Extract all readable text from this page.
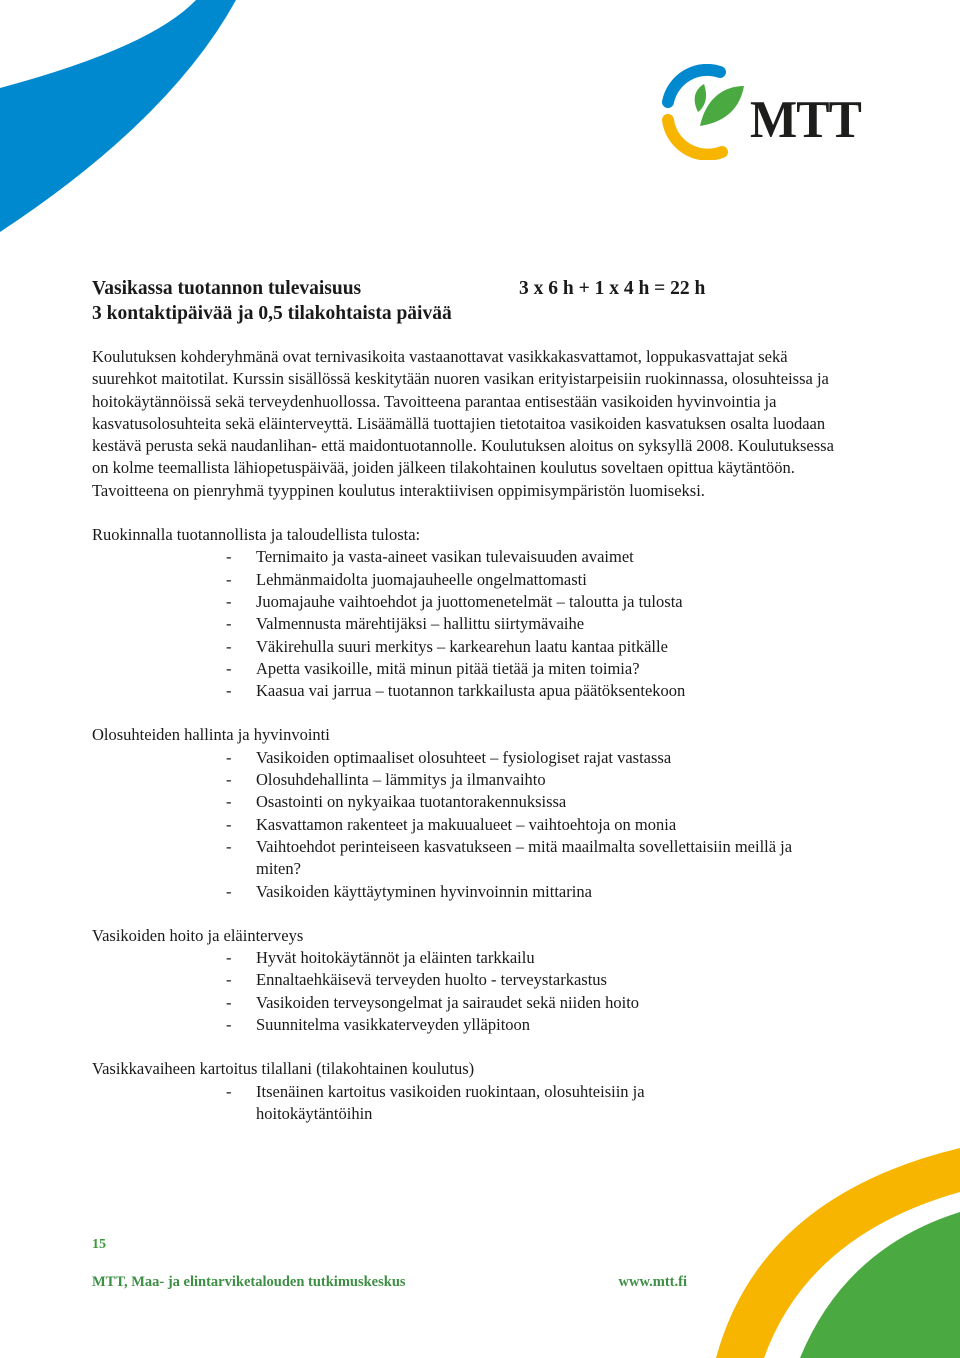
MTT
Vasikassa tuotannon tulevaisuus	3 x 6 h + 1 x 4 h = 22 h
3 kontaktipäivää ja 0,5 tilakohtaista päivää

Koulutuksen kohderyhmänä ovat ternivasikoita vastaanottavat vasikkakasvattamot, loppukasvattajat sekä suurehkot maitotilat. Kurssin sisällössä keskitytään nuoren vasikan erityistarpeisiin ruokinnassa, olosuhteissa ja hoitokäytännöissä sekä terveydenhuollossa. Tavoitteena parantaa entisestään vasikoiden hyvinvointia ja kasvatusolosuhteita sekä eläinterveyttä. Lisäämällä tuottajien tietotaitoa vasikoiden kasvatuksen osalta luodaan kestävä perusta sekä naudanlihan- että maidontuotannolle. Koulutuksen aloitus on syksyllä 2008. Koulutuksessa on kolme teemallista lähiopetuspäivää, joiden jälkeen tilakohtainen koulutus soveltaen opittua käytäntöön. Tavoitteena on pienryhmä tyyppinen koulutus interaktiivisen oppimisympäristön luomiseksi.

Ruokinnalla tuotannollista ja taloudellista tulosta:

- Ternimaito ja vasta-aineet vasikan tulevaisuuden avaimet
- Lehmänmaidolta juomajauheelle ongelmattomasti
- Juomajauhe vaihtoehdot ja juottomenetelmät – taloutta ja tulosta
- Valmennusta märehtijäksi – hallittu siirtymävaihe
- Väkirehulla suuri merkitys – karkearehun laatu kantaa pitkälle
- Apetta vasikoille, mitä minun pitää tietää ja miten toimia?
- Kaasua vai jarrua – tuotannon tarkkailusta apua päätöksentekoon

Olosuhteiden hallinta ja hyvinvointi

- Vasikoiden optimaaliset olosuhteet – fysiologiset rajat vastassa
- Olosuhdehallinta – lämmitys ja ilmanvaihto
- Osastointi on nykyaikaa tuotantorakennuksissa
- Kasvattamon rakenteet ja makuualueet – vaihtoehtoja on monia
- Vaihtoehdot perinteiseen kasvatukseen – mitä maailmalta sovellettaisiin meillä ja miten?
- Vasikoiden käyttäytyminen hyvinvoinnin mittarina

Vasikoiden hoito ja eläinterveys

- Hyvät hoitokäytännöt ja eläinten tarkkailu
- Ennaltaehkäisevä terveyden huolto - terveystarkastus
- Vasikoiden terveysongelmat ja sairaudet sekä niiden hoito
- Suunnitelma vasikkaterveyden ylläpitoon

Vasikkavaiheen kartoitus tilallani (tilakohtainen koulutus)

- Itsenäinen kartoitus vasikoiden ruokintaan, olosuhteisiin ja hoitokäytäntöihin
15
MTT, Maa- ja elintarviketalouden tutkimuskeskus	www.mtt.fi
